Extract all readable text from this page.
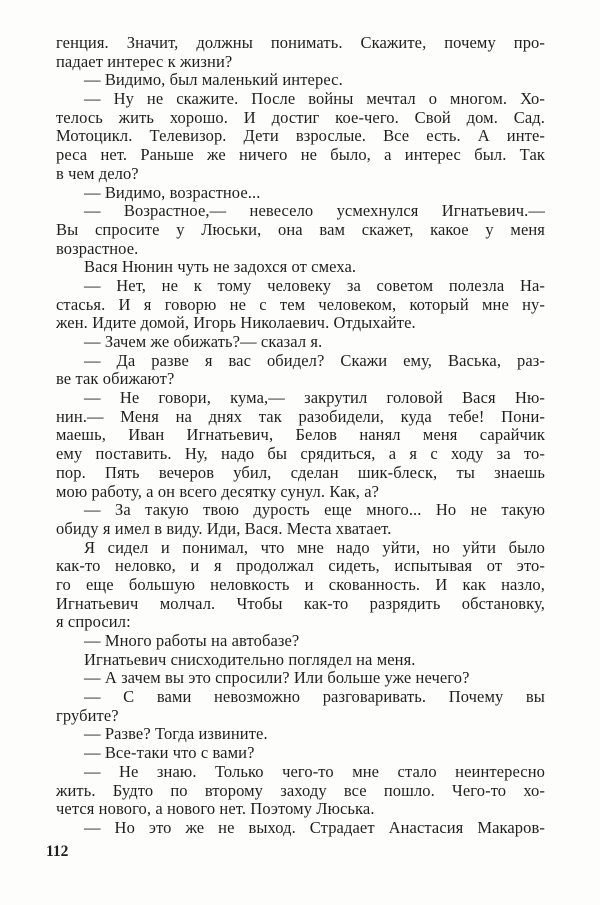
генция. Значит, должны понимать. Скажите, почему про-
падает интерес к жизни?
— Видимо, был маленький интерес.
— Ну не скажите. После войны мечтал о многом. Хо-
телось жить хорошо. И достиг кое-чего. Свой дом. Сад.
Мотоцикл. Телевизор. Дети взрослые. Все есть. А инте-
реса нет. Раньше же ничего не было, а интерес был. Так
в чем дело?
— Видимо, возрастное...
— Возрастное,— невесело усмехнулся Игнатьевич.—
Вы спросите у Люськи, она вам скажет, какое у меня
возрастное.
Вася Нюнин чуть не задохся от смеха.
— Нет, не к тому человеку за советом полезла На-
стасья. И я говорю не с тем человеком, который мне ну-
жен. Идите домой, Игорь Николаевич. Отдыхайте.
— Зачем же обижать?— сказал я.
— Да разве я вас обидел? Скажи ему, Васька, раз-
ве так обижают?
— Не говори, кума,— закрутил головой Вася Ню-
нин.— Меня на днях так разобидели, куда тебе! Пони-
маешь, Иван Игнатьевич, Белов нанял меня сарайчик
ему поставить. Ну, надо бы срядиться, а я с ходу за то-
пор. Пять вечеров убил, сделан шик-блеск, ты знаешь
мою работу, а он всего десятку сунул. Как, а?
— За такую твою дурость еще много... Но не такую
обиду я имел в виду. Иди, Вася. Места хватает.
Я сидел и понимал, что мне надо уйти, но уйти было
как-то неловко, и я продолжал сидеть, испытывая от это-
го еще большую неловкость и скованность. И как назло,
Игнатьевич молчал. Чтобы как-то разрядить обстановку,
я спросил:
— Много работы на автобазе?
Игнатьевич снисходительно поглядел на меня.
— А зачем вы это спросили? Или больше уже нечего?
— С вами невозможно разговаривать. Почему вы
грубите?
— Разве? Тогда извините.
— Все-таки что с вами?
— Не знаю. Только чего-то мне стало неинтересно
жить. Будто по второму заходу все пошло. Чего-то хо-
чется нового, а нового нет. Поэтому Люська.
— Но это же не выход. Страдает Анастасия Макаров-
112
